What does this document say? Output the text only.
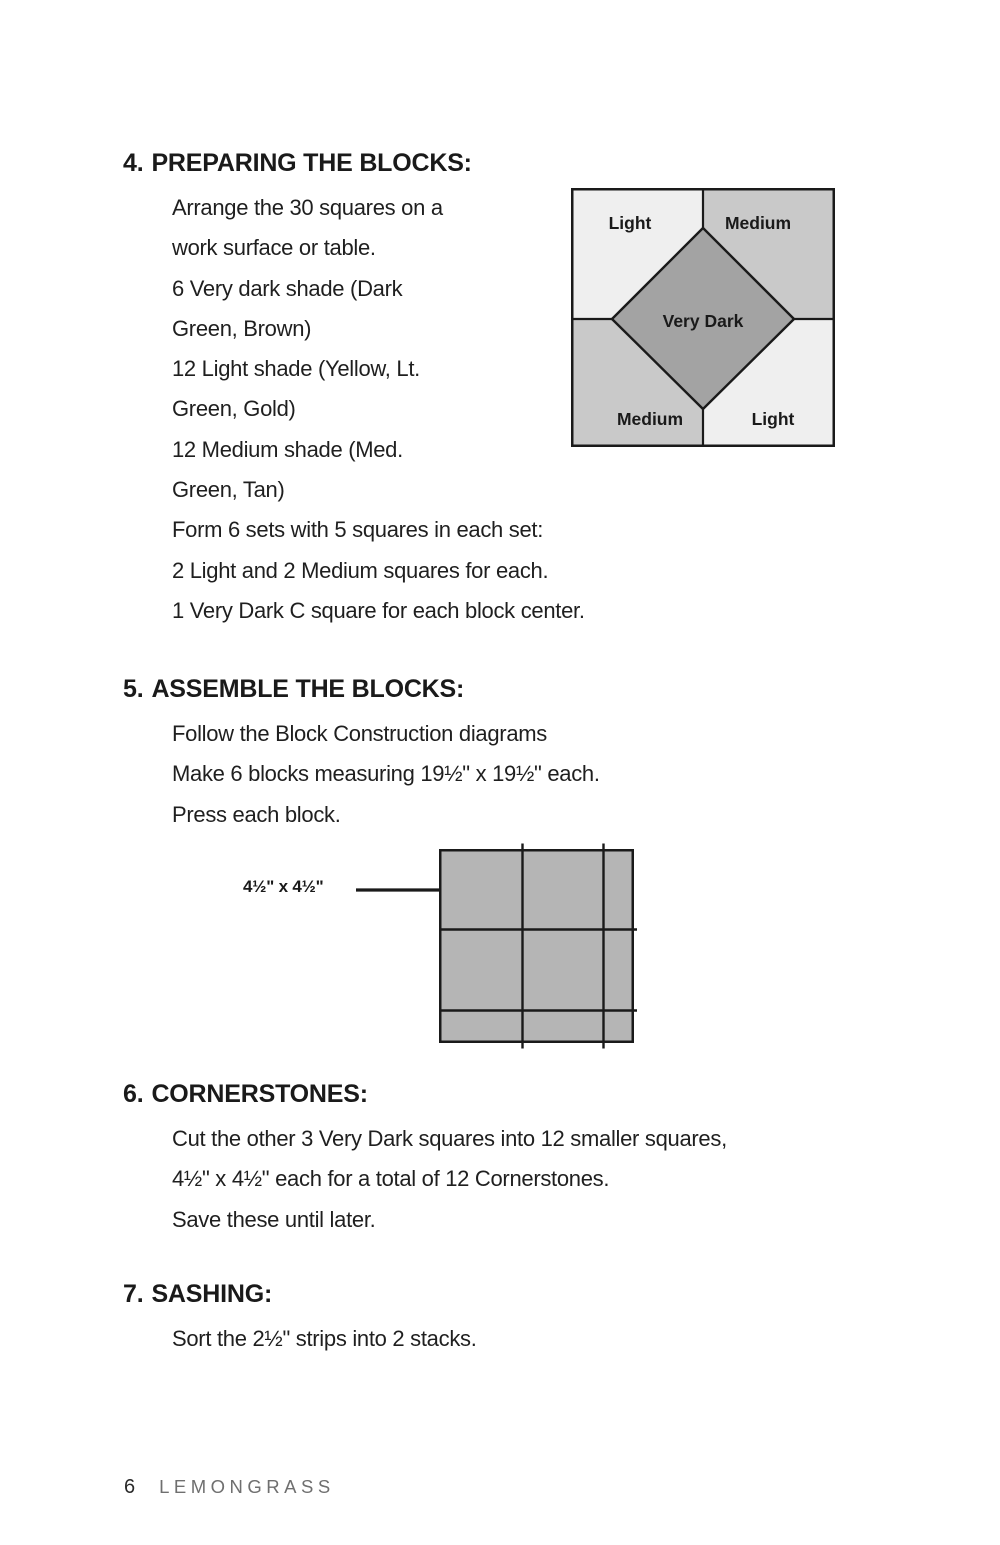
4. PREPARING THE BLOCKS:
Arrange the 30 squares on a
work surface or table.
6 Very dark shade (Dark
Green, Brown)
12 Light shade (Yellow, Lt.
Green, Gold)
12 Medium shade (Med.
Green, Tan)
Form 6 sets with 5 squares in each set:
2 Light and 2 Medium squares for each.
1 Very Dark C square for each block center.
Light	Medium
Very Dark
Medium	Light
5. ASSEMBLE THE BLOCKS:
Follow the Block Construction diagrams
Make 6 blocks measuring 19½" x 19½" each.
Press each block.
4½" x 4½"
6. CORNERSTONES:
Cut the other 3 Very Dark squares into 12 smaller squares,
4½" x 4½" each for a total of 12 Cornerstones.
Save these until later.
7. SASHING:
Sort the 2½" strips into 2 stacks.
6 LEMONGRASS
